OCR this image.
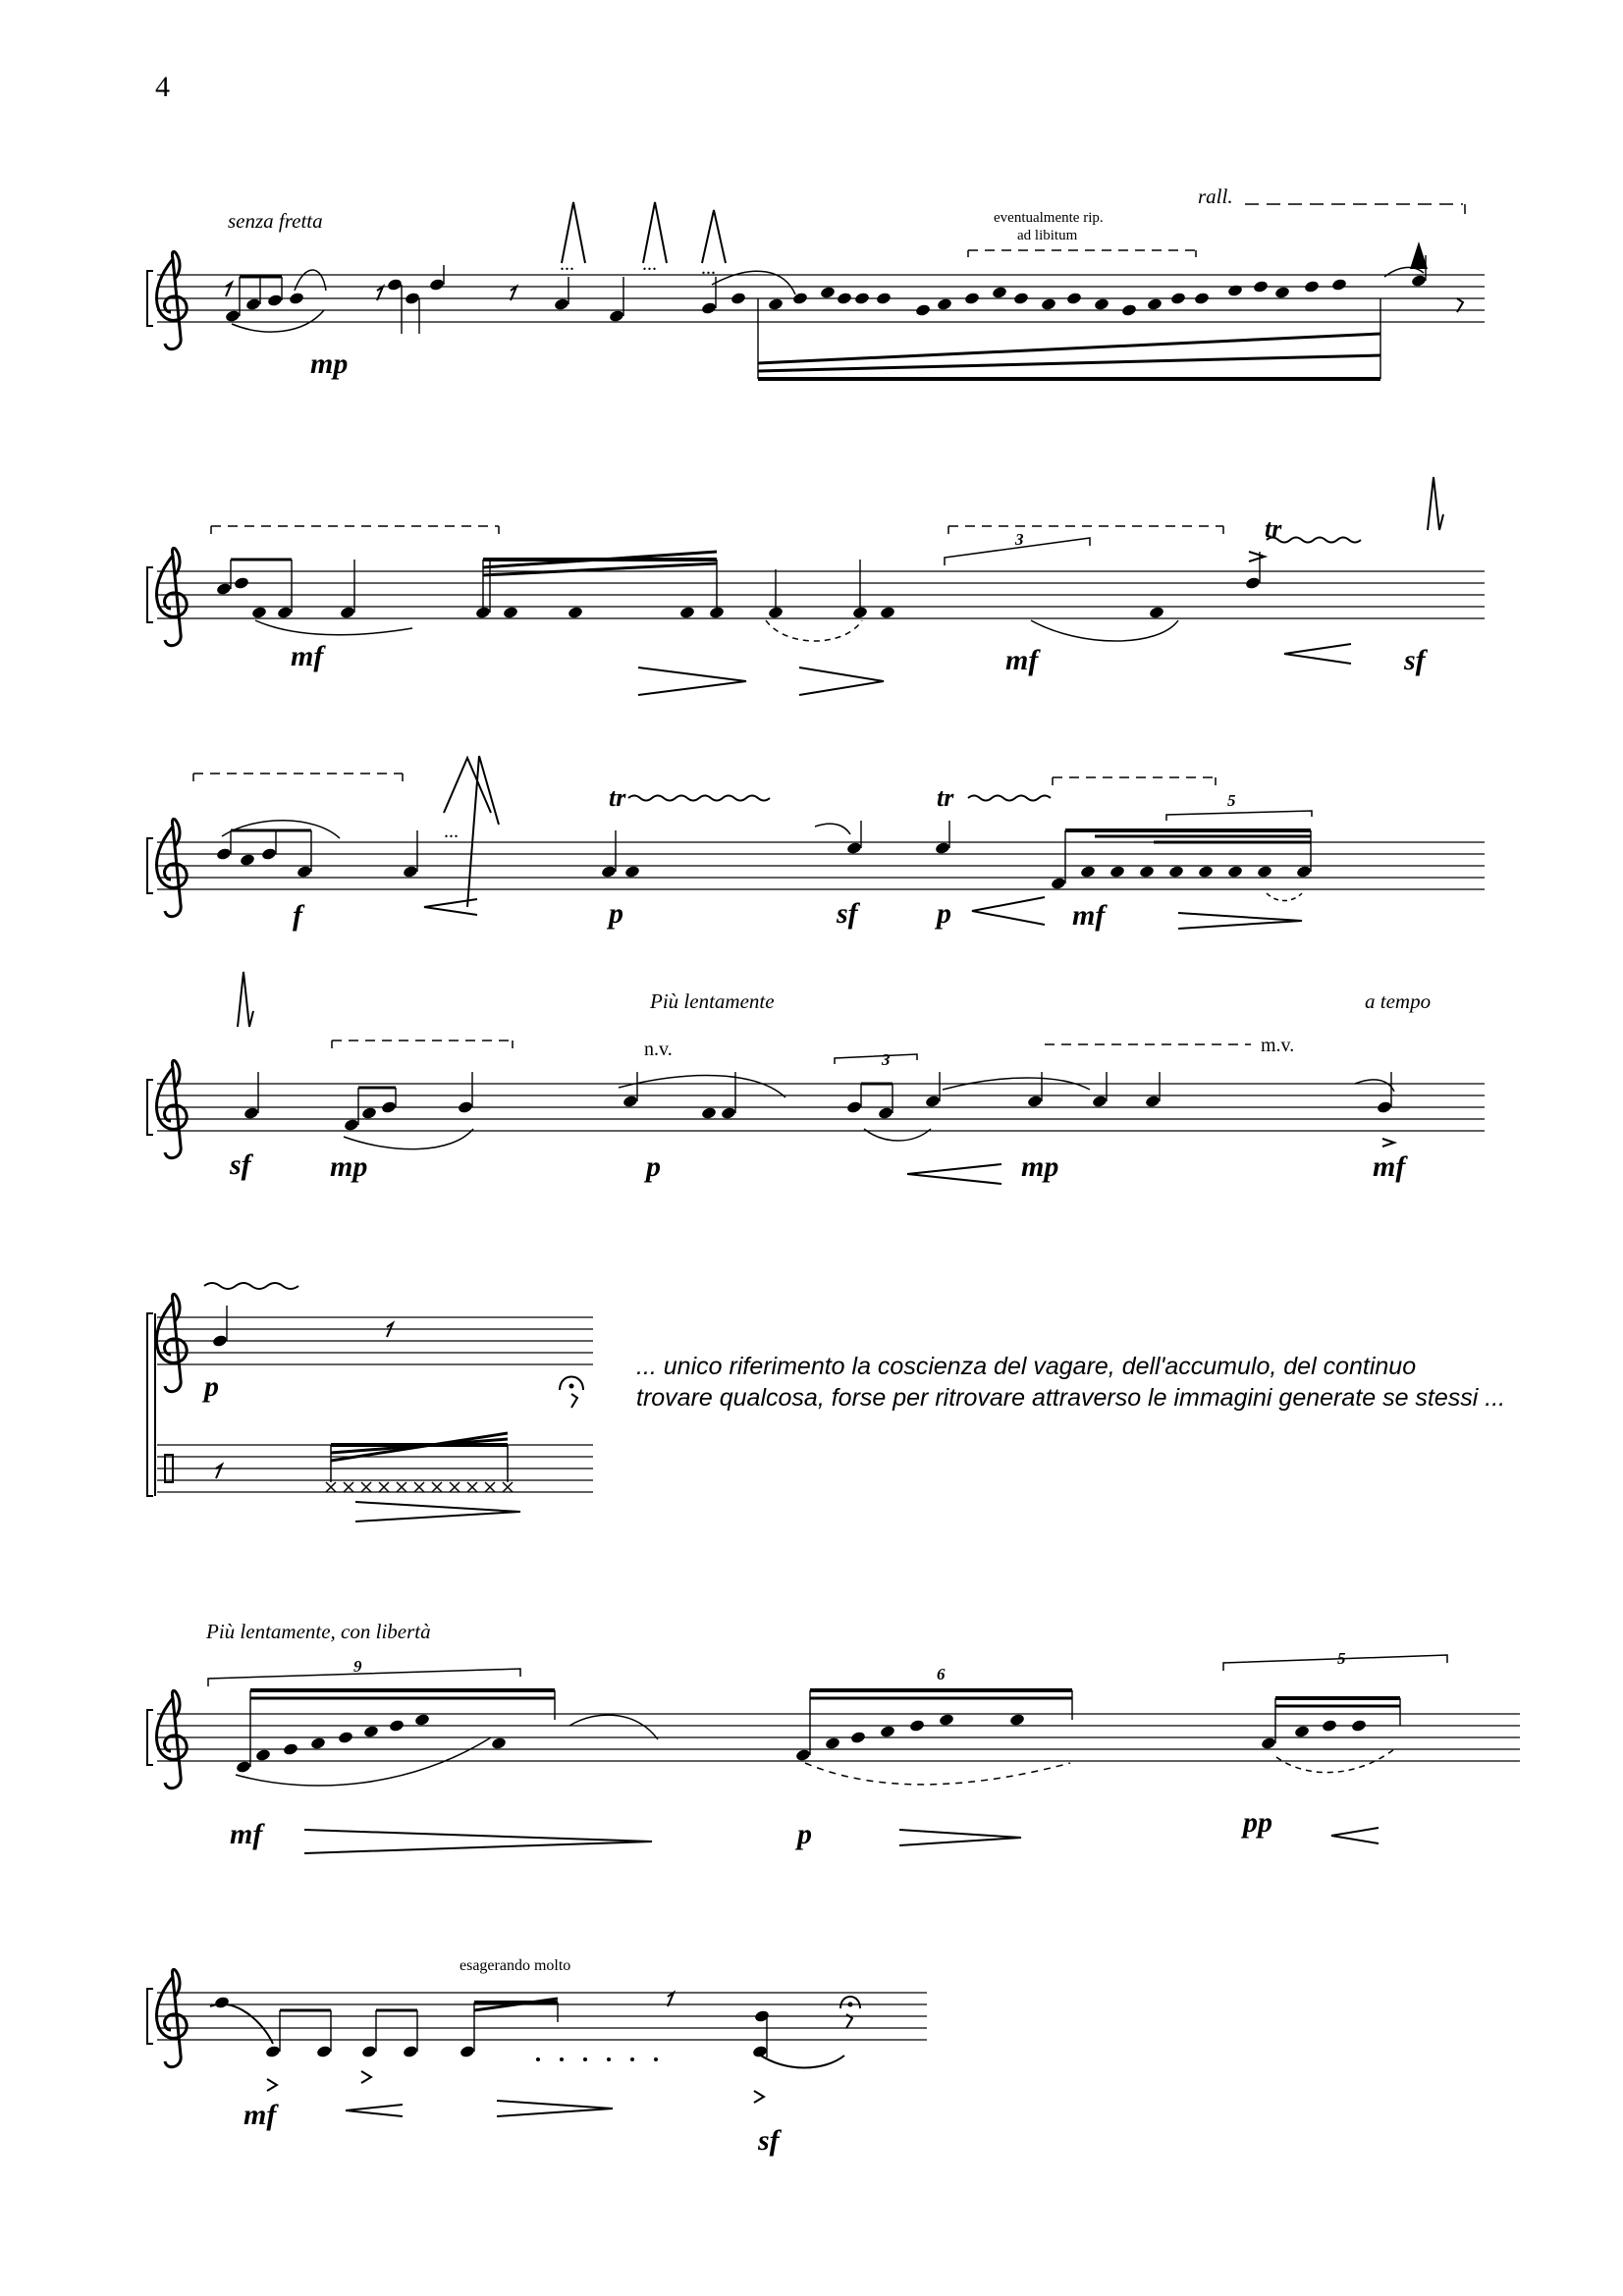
4
senza fretta
rall.
eventualmente rip.
ad libitum
...	... ...
mp
3
mf	mf	sf
tr
5
f	p	sf	p	mf
tr	tr
...
Più lentamente	a tempo
n.v.	m.v.
3
sf	mp	p	mp	mf
p
... unico riferimento la coscienza del vagare, dell'accumulo, del continuo
trovare qualcosa, forse per ritrovare attraverso le immagini generate se stessi ...
Più lentamente, con libertà
9	6
5
mf	p	pp
esagerando molto
mf
sf
